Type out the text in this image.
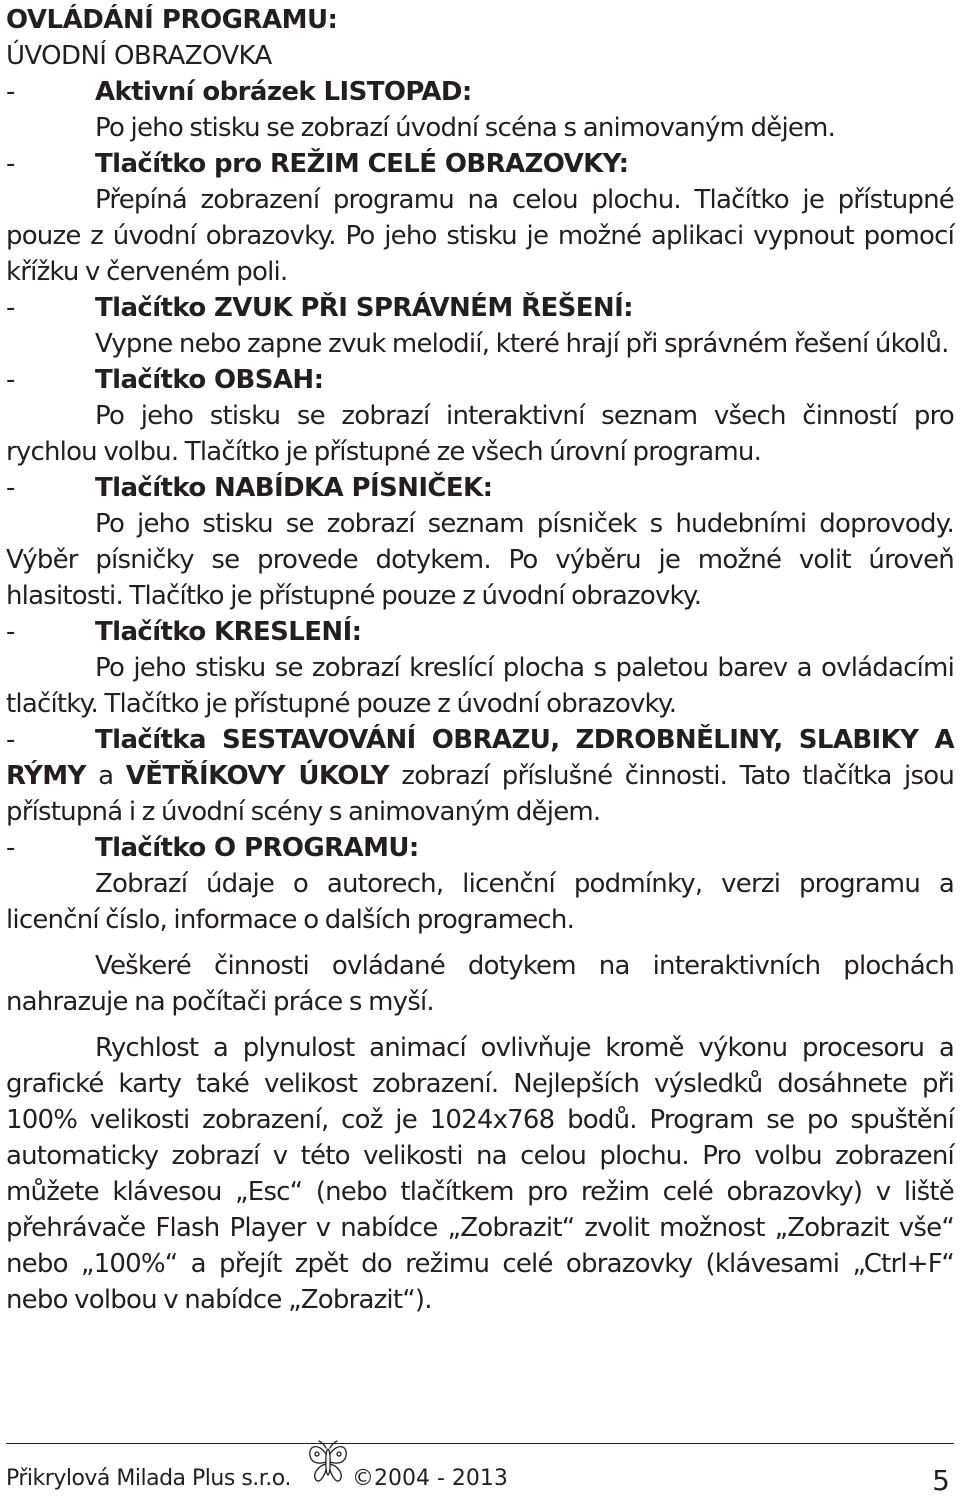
OVLÁDÁNÍ PROGRAMU:
ÚVODNÍ OBRAZOVKA
-	Aktivní obrázek LISTOPAD:
Po jeho stisku se zobrazí úvodní scéna s animovaným dějem.
-	Tlačítko pro REŽIM CELÉ OBRAZOVKY:
Přepíná zobrazení programu na celou plochu. Tlačítko je přístupné pouze z úvodní obrazovky. Po jeho stisku je možné aplikaci vypnout pomocí křížku v červeném poli.
-	Tlačítko ZVUK PŘI SPRÁVNÉM ŘEŠENÍ:
Vypne nebo zapne zvuk melodií, které hrají při správném řešení úkolů.
-	Tlačítko OBSAH:
Po jeho stisku se zobrazí interaktivní seznam všech činností pro rychlou volbu. Tlačítko je přístupné ze všech úrovní programu.
-	Tlačítko NABÍDKA PÍSNIČEK:
Po jeho stisku se zobrazí seznam písniček s hudebními doprovody. Výběr písničky se provede dotykem. Po výběru je možné volit úroveň hlasitosti. Tlačítko je přístupné pouze z úvodní obrazovky.
-	Tlačítko KRESLENÍ:
Po jeho stisku se zobrazí kreslící plocha s paletou barev a ovládacími tlačítky. Tlačítko je přístupné pouze z úvodní obrazovky.
-	Tlačítka SESTAVOVÁNÍ OBRAZU, ZDROBNĚLINY, SLABIKY A RÝMY a VĚTŘÍKOVY ÚKOLY zobrazí příslušné činnosti. Tato tlačítka jsou přístupná i z úvodní scény s animovaným dějem.
-	Tlačítko O PROGRAMU:
Zobrazí údaje o autorech, licenční podmínky, verzi programu a licenční číslo, informace o dalších programech.
Veškeré činnosti ovládané dotykem na interaktivních plochách nahrazuje na počítači práce s myší.
Rychlost a plynulost animací ovlivňuje kromě výkonu procesoru a grafické karty také velikost zobrazení. Nejlepších výsledků dosáhnete při 100% velikosti zobrazení, což je 1024x768 bodů. Program se po spuštění automaticky zobrazí v této velikosti na celou plochu. Pro volbu zobrazení můžete klávesou „Esc“ (nebo tlačítkem pro režim celé obrazovky) v liště přehrávače Flash Player v nabídce „Zobrazit“ zvolit možnost „Zobrazit vše“ nebo „100%“ a přejít zpět do režimu celé obrazovky (klávesami „Ctrl+F“ nebo volbou v nabídce „Zobrazit“).
Přikrylová Milada Plus s.r.o.	©2004 - 2013	5
